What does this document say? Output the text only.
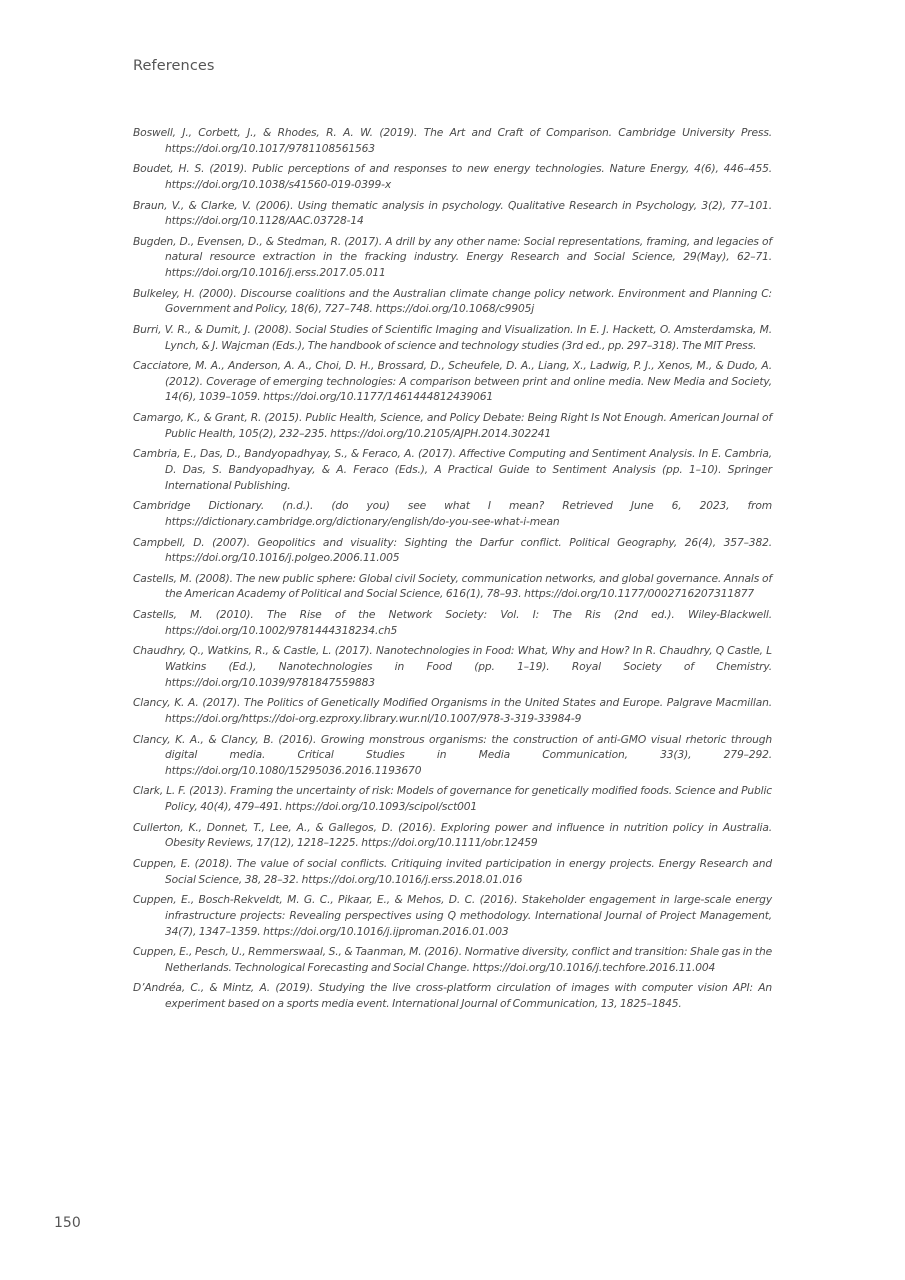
References
Boswell, J., Corbett, J., & Rhodes, R. A. W. (2019). The Art and Craft of Comparison. Cambridge University Press. https://doi.org/10.1017/9781108561563
Boudet, H. S. (2019). Public perceptions of and responses to new energy technologies. Nature Energy, 4(6), 446–455. https://doi.org/10.1038/s41560-019-0399-x
Braun, V., & Clarke, V. (2006). Using thematic analysis in psychology. Qualitative Research in Psychology, 3(2), 77–101. https://doi.org/10.1128/AAC.03728-14
Bugden, D., Evensen, D., & Stedman, R. (2017). A drill by any other name: Social representations, framing, and legacies of natural resource extraction in the fracking industry. Energy Research and Social Science, 29(May), 62–71. https://doi.org/10.1016/j.erss.2017.05.011
Bulkeley, H. (2000). Discourse coalitions and the Australian climate change policy network. Environment and Planning C: Government and Policy, 18(6), 727–748. https://doi.org/10.1068/c9905j
Burri, V. R., & Dumit, J. (2008). Social Studies of Scientific Imaging and Visualization. In E. J. Hackett, O. Amsterdamska, M. Lynch, & J. Wajcman (Eds.), The handbook of science and technology studies (3rd ed., pp. 297–318). The MIT Press.
Cacciatore, M. A., Anderson, A. A., Choi, D. H., Brossard, D., Scheufele, D. A., Liang, X., Ladwig, P. J., Xenos, M., & Dudo, A. (2012). Coverage of emerging technologies: A comparison between print and online media. New Media and Society, 14(6), 1039–1059. https://doi.org/10.1177/1461444812439061
Camargo, K., & Grant, R. (2015). Public Health, Science, and Policy Debate: Being Right Is Not Enough. American Journal of Public Health, 105(2), 232–235. https://doi.org/10.2105/AJPH.2014.302241
Cambria, E., Das, D., Bandyopadhyay, S., & Feraco, A. (2017). Affective Computing and Sentiment Analysis. In E. Cambria, D. Das, S. Bandyopadhyay, & A. Feraco (Eds.), A Practical Guide to Sentiment Analysis (pp. 1–10). Springer International Publishing.
Cambridge Dictionary. (n.d.). (do you) see what I mean? Retrieved June 6, 2023, from https://dictionary.cambridge.org/dictionary/english/do-you-see-what-i-mean
Campbell, D. (2007). Geopolitics and visuality: Sighting the Darfur conflict. Political Geography, 26(4), 357–382. https://doi.org/10.1016/j.polgeo.2006.11.005
Castells, M. (2008). The new public sphere: Global civil Society, communication networks, and global governance. Annals of the American Academy of Political and Social Science, 616(1), 78–93. https://doi.org/10.1177/0002716207311877
Castells, M. (2010). The Rise of the Network Society: Vol. I: The Ris (2nd ed.). Wiley-Blackwell. https://doi.org/10.1002/9781444318234.ch5
Chaudhry, Q., Watkins, R., & Castle, L. (2017). Nanotechnologies in Food: What, Why and How? In R. Chaudhry, Q Castle, L Watkins (Ed.), Nanotechnologies in Food (pp. 1–19). Royal Society of Chemistry. https://doi.org/10.1039/9781847559883
Clancy, K. A. (2017). The Politics of Genetically Modified Organisms in the United States and Europe. Palgrave Macmillan. https://doi.org/https://doi-org.ezproxy.library.wur.nl/10.1007/978-3-319-33984-9
Clancy, K. A., & Clancy, B. (2016). Growing monstrous organisms: the construction of anti-GMO visual rhetoric through digital media. Critical Studies in Media Communication, 33(3), 279–292. https://doi.org/10.1080/15295036.2016.1193670
Clark, L. F. (2013). Framing the uncertainty of risk: Models of governance for genetically modified foods. Science and Public Policy, 40(4), 479–491. https://doi.org/10.1093/scipol/sct001
Cullerton, K., Donnet, T., Lee, A., & Gallegos, D. (2016). Exploring power and influence in nutrition policy in Australia. Obesity Reviews, 17(12), 1218–1225. https://doi.org/10.1111/obr.12459
Cuppen, E. (2018). The value of social conflicts. Critiquing invited participation in energy projects. Energy Research and Social Science, 38, 28–32. https://doi.org/10.1016/j.erss.2018.01.016
Cuppen, E., Bosch-Rekveldt, M. G. C., Pikaar, E., & Mehos, D. C. (2016). Stakeholder engagement in large-scale energy infrastructure projects: Revealing perspectives using Q methodology. International Journal of Project Management, 34(7), 1347–1359. https://doi.org/10.1016/j.ijproman.2016.01.003
Cuppen, E., Pesch, U., Remmerswaal, S., & Taanman, M. (2016). Normative diversity, conflict and transition: Shale gas in the Netherlands. Technological Forecasting and Social Change. https://doi.org/10.1016/j.techfore.2016.11.004
D’Andréa, C., & Mintz, A. (2019). Studying the live cross-platform circulation of images with computer vision API: An experiment based on a sports media event. International Journal of Communication, 13, 1825–1845.
150
